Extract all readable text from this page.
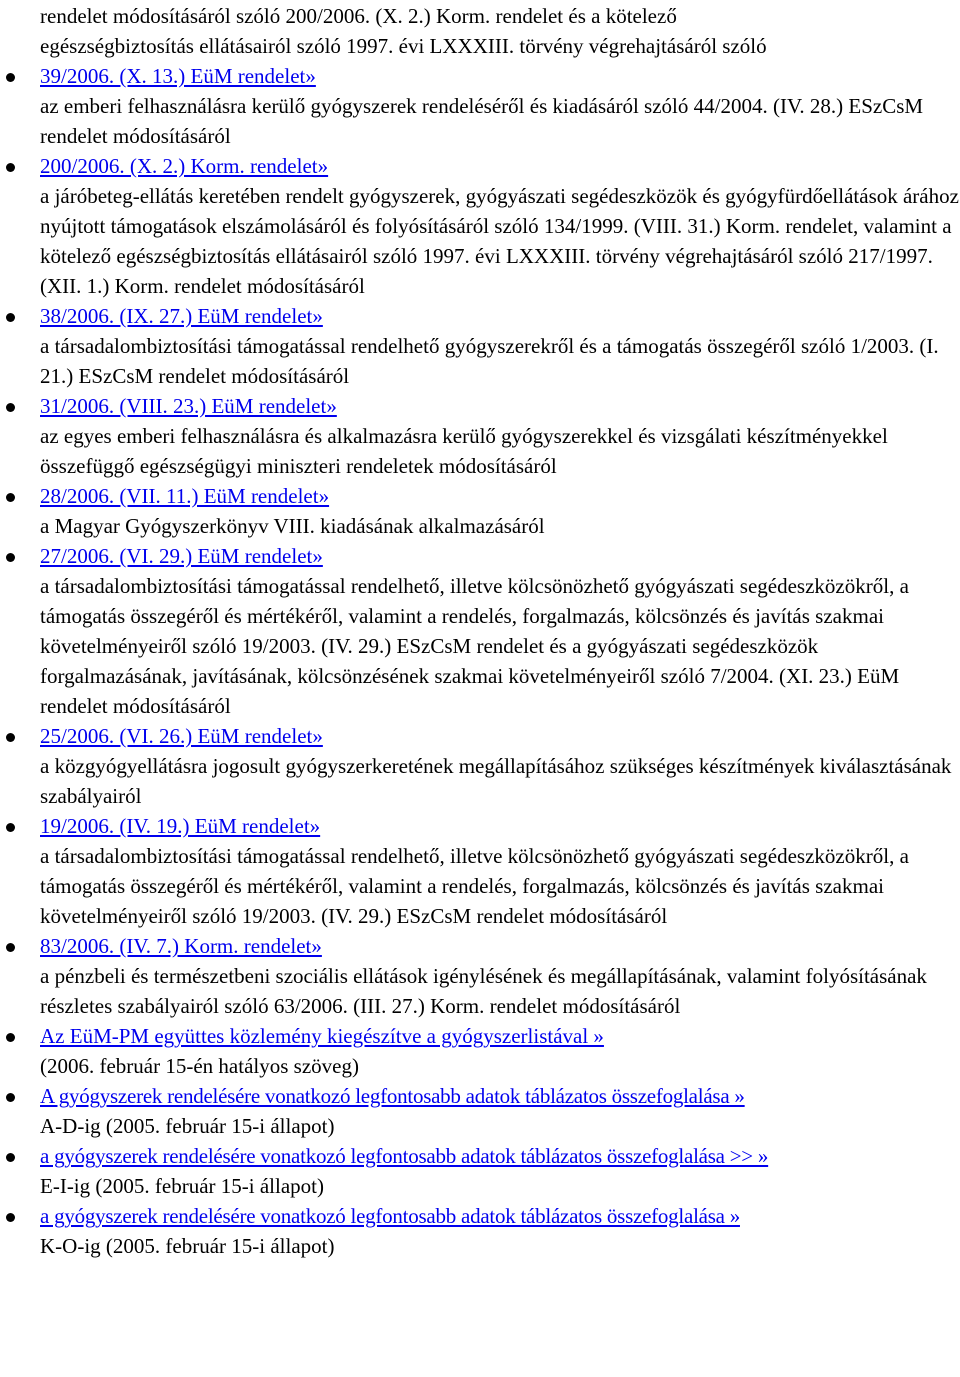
rendelet módosításáról szóló 200/2006. (X. 2.) Korm. rendelet és a kötelező
egészségbiztosítás ellátásairól szóló 1997. évi LXXXIII. törvény végrehajtásáról szóló
39/2006. (X. 13.) EüM rendelet»
az emberi felhasználásra kerülő gyógyszerek rendeléséről és kiadásáról szóló 44/2004. (IV. 28.) ESzCsM rendelet módosításáról
200/2006. (X. 2.) Korm. rendelet»
a járóbeteg-ellátás keretében rendelt gyógyszerek, gyógyászati segédeszközök és gyógyfürdőellátások árához nyújtott támogatások elszámolásáról és folyósításáról szóló 134/1999. (VIII. 31.) Korm. rendelet, valamint a kötelező egészségbiztosítás ellátásairól szóló 1997. évi LXXXIII. törvény végrehajtásáról szóló 217/1997. (XII. 1.) Korm. rendelet módosításáról
38/2006. (IX. 27.) EüM rendelet»
a társadalombiztosítási támogatással rendelhető gyógyszerekről és a támogatás összegéről szóló 1/2003. (I. 21.) ESzCsM rendelet módosításáról
31/2006. (VIII. 23.) EüM rendelet»
az egyes emberi felhasználásra és alkalmazásra kerülő gyógyszerekkel és vizsgálati készítményekkel összefüggő egészségügyi miniszteri rendeletek módosításáról
28/2006. (VII. 11.) EüM rendelet»
a Magyar Gyógyszerkönyv VIII. kiadásának alkalmazásáról
27/2006. (VI. 29.) EüM rendelet»
a társadalombiztosítási támogatással rendelhető, illetve kölcsönözhető gyógyászati segédeszközökről, a támogatás összegéről és mértékéről, valamint a rendelés, forgalmazás, kölcsönzés és javítás szakmai követelményeiről szóló 19/2003. (IV. 29.) ESzCsM rendelet és a gyógyászati segédeszközök forgalmazásának, javításának, kölcsönzésének szakmai követelményeiről szóló 7/2004. (XI. 23.) EüM rendelet módosításáról
25/2006. (VI. 26.) EüM rendelet»
a közgyógyellátásra jogosult gyógyszerkeretének megállapításához szükséges készítmények kiválasztásának szabályairól
19/2006. (IV. 19.) EüM rendelet»
a társadalombiztosítási támogatással rendelhető, illetve kölcsönözhető gyógyászati segédeszközökről, a támogatás összegéről és mértékéről, valamint a rendelés, forgalmazás, kölcsönzés és javítás szakmai követelményeiről szóló 19/2003. (IV. 29.) ESzCsM rendelet módosításáról
83/2006. (IV. 7.) Korm. rendelet»
a pénzbeli és természetbeni szociális ellátások igénylésének és megállapításának, valamint folyósításának részletes szabályairól szóló 63/2006. (III. 27.) Korm. rendelet módosításáról
Az EüM-PM együttes közlemény kiegészítve a gyógyszerlistával »
(2006. február 15-én hatályos szöveg)
A gyógyszerek rendelésére vonatkozó legfontosabb adatok táblázatos összefoglalása »
A-D-ig (2005. február 15-i állapot)
a gyógyszerek rendelésére vonatkozó legfontosabb adatok táblázatos összefoglalása >> »
E-I-ig (2005. február 15-i állapot)
a gyógyszerek rendelésére vonatkozó legfontosabb adatok táblázatos összefoglalása »
K-O-ig (2005. február 15-i állapot)
